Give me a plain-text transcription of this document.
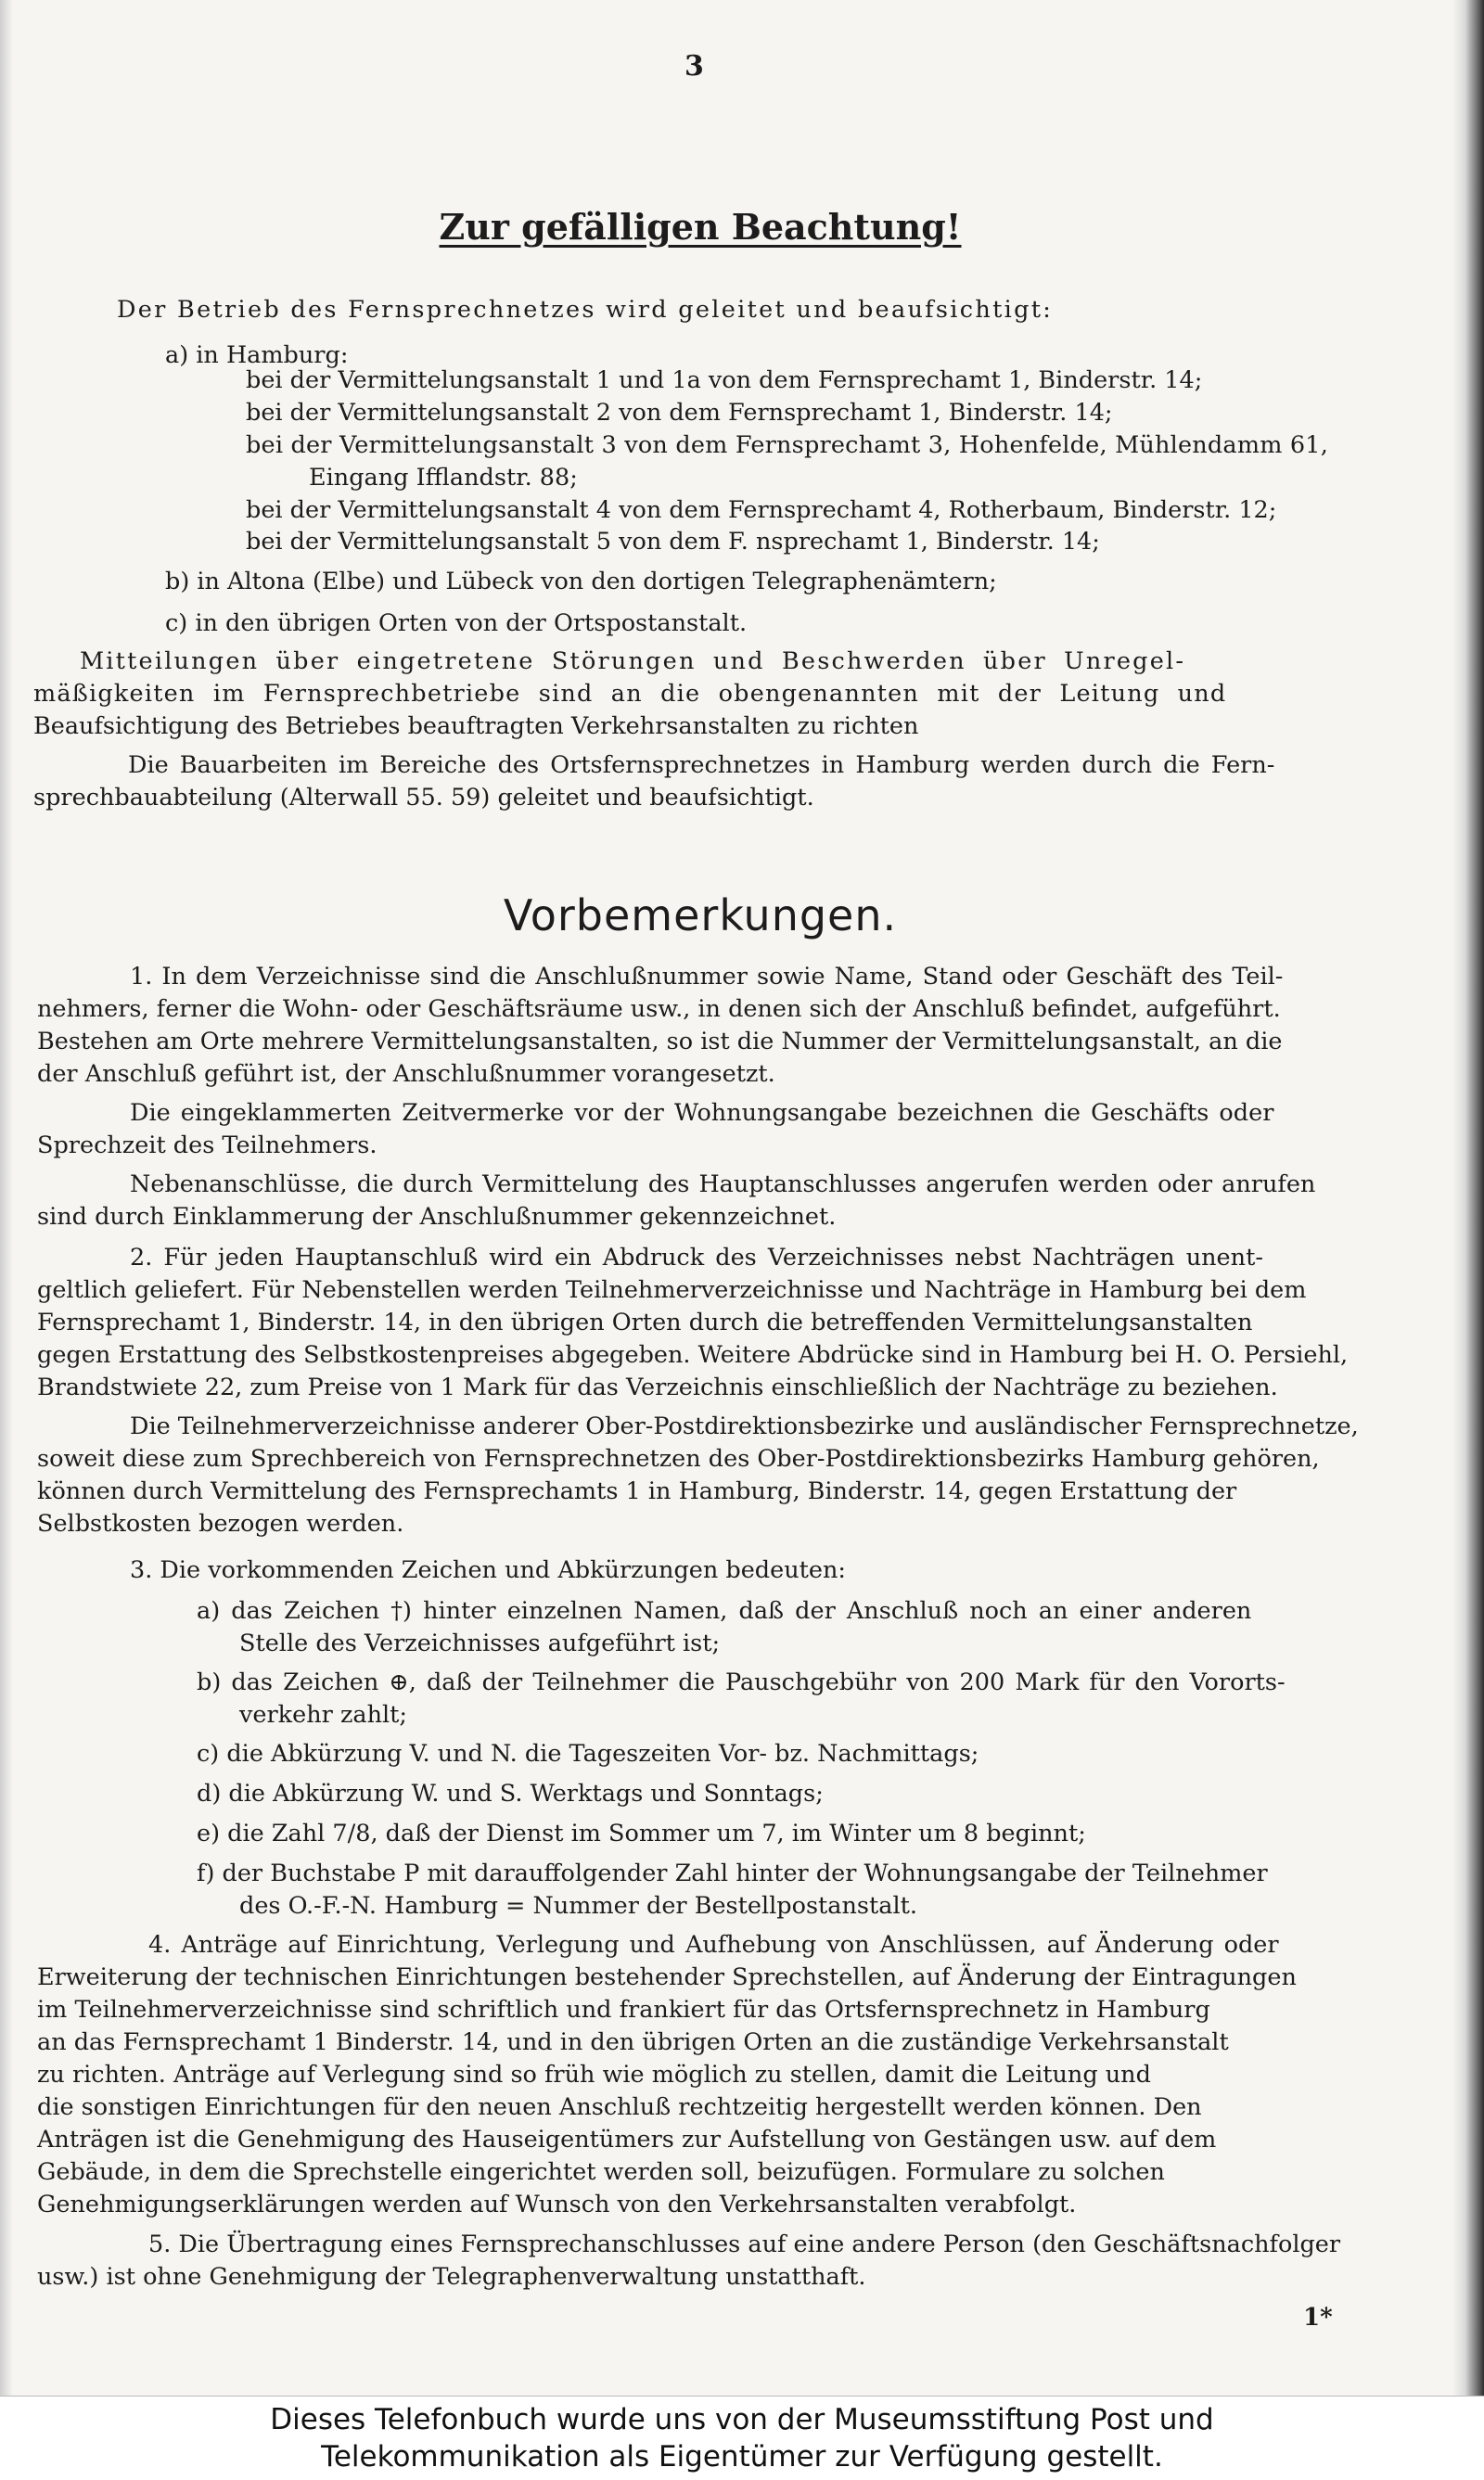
3
Zur gefälligen Beachtung!
Der Betrieb des Fernsprechnetzes wird geleitet und beaufsichtigt:
a) in Hamburg:
bei der Vermittelungsanstalt 1 und 1a von dem Fernsprechamt 1, Binderstr. 14;
bei der Vermittelungsanstalt 2 von dem Fernsprechamt 1, Binderstr. 14;
bei der Vermittelungsanstalt 3 von dem Fernsprechamt 3, Hohenfelde, Mühlendamm 61,
Eingang Ifflandstr. 88;
bei der Vermittelungsanstalt 4 von dem Fernsprechamt 4, Rotherbaum, Binderstr. 12;
bei der Vermittelungsanstalt 5 von dem F. nsprechamt 1, Binderstr. 14;
b) in Altona (Elbe) und Lübeck von den dortigen Telegraphenämtern;
c) in den übrigen Orten von der Ortspostanstalt.
Mitteilungen über eingetretene Störungen und Beschwerden über Unregel-
mäßigkeiten im Fernsprechbetriebe sind an die obengenannten mit der Leitung und
Beaufsichtigung des Betriebes beauftragten Verkehrsanstalten zu richten
Die Bauarbeiten im Bereiche des Ortsfernsprechnetzes in Hamburg werden durch die Fern-
sprechbauabteilung (Alterwall 55. 59) geleitet und beaufsichtigt.
Vorbemerkungen.
1. In dem Verzeichnisse sind die Anschlußnummer sowie Name, Stand oder Geschäft des Teil-
nehmers, ferner die Wohn- oder Geschäftsräume usw., in denen sich der Anschluß befindet, aufgeführt.
Bestehen am Orte mehrere Vermittelungsanstalten, so ist die Nummer der Vermittelungsanstalt, an die
der Anschluß geführt ist, der Anschlußnummer vorangesetzt.
Die eingeklammerten Zeitvermerke vor der Wohnungsangabe bezeichnen die Geschäfts oder
Sprechzeit des Teilnehmers.
Nebenanschlüsse, die durch Vermittelung des Hauptanschlusses angerufen werden oder anrufen
sind durch Einklammerung der Anschlußnummer gekennzeichnet.
2. Für jeden Hauptanschluß wird ein Abdruck des Verzeichnisses nebst Nachträgen unent-
geltlich geliefert. Für Nebenstellen werden Teilnehmerverzeichnisse und Nachträge in Hamburg bei dem
Fernsprechamt 1, Binderstr. 14, in den übrigen Orten durch die betreffenden Vermittelungsanstalten
gegen Erstattung des Selbstkostenpreises abgegeben. Weitere Abdrücke sind in Hamburg bei H. O. Persiehl,
Brandstwiete 22, zum Preise von 1 Mark für das Verzeichnis einschließlich der Nachträge zu beziehen.
Die Teilnehmerverzeichnisse anderer Ober-Postdirektionsbezirke und ausländischer Fernsprechnetze,
soweit diese zum Sprechbereich von Fernsprechnetzen des Ober-Postdirektionsbezirks Hamburg gehören,
können durch Vermittelung des Fernsprechamts 1 in Hamburg, Binderstr. 14, gegen Erstattung der
Selbstkosten bezogen werden.
3. Die vorkommenden Zeichen und Abkürzungen bedeuten:
a) das Zeichen †) hinter einzelnen Namen, daß der Anschluß noch an einer anderen
Stelle des Verzeichnisses aufgeführt ist;
b) das Zeichen ⊕, daß der Teilnehmer die Pauschgebühr von 200 Mark für den Vororts-
verkehr zahlt;
c) die Abkürzung V. und N. die Tageszeiten Vor- bz. Nachmittags;
d) die Abkürzung W. und S. Werktags und Sonntags;
e) die Zahl 7/8, daß der Dienst im Sommer um 7, im Winter um 8 beginnt;
f) der Buchstabe P mit darauffolgender Zahl hinter der Wohnungsangabe der Teilnehmer
des O.-F.-N. Hamburg = Nummer der Bestellpostanstalt.
4. Anträge auf Einrichtung, Verlegung und Aufhebung von Anschlüssen, auf Änderung oder
Erweiterung der technischen Einrichtungen bestehender Sprechstellen, auf Änderung der Eintragungen
im Teilnehmerverzeichnisse sind schriftlich und frankiert für das Ortsfernsprechnetz in Hamburg
an das Fernsprechamt 1 Binderstr. 14, und in den übrigen Orten an die zuständige Verkehrsanstalt
zu richten. Anträge auf Verlegung sind so früh wie möglich zu stellen, damit die Leitung und
die sonstigen Einrichtungen für den neuen Anschluß rechtzeitig hergestellt werden können. Den
Anträgen ist die Genehmigung des Hauseigentümers zur Aufstellung von Gestängen usw. auf dem
Gebäude, in dem die Sprechstelle eingerichtet werden soll, beizufügen. Formulare zu solchen
Genehmigungserklärungen werden auf Wunsch von den Verkehrsanstalten verabfolgt.
5. Die Übertragung eines Fernsprechanschlusses auf eine andere Person (den Geschäftsnachfolger
usw.) ist ohne Genehmigung der Telegraphenverwaltung unstatthaft.
1*
Dieses Telefonbuch wurde uns von der Museumsstiftung Post und
Telekommunikation als Eigentümer zur Verfügung gestellt.
